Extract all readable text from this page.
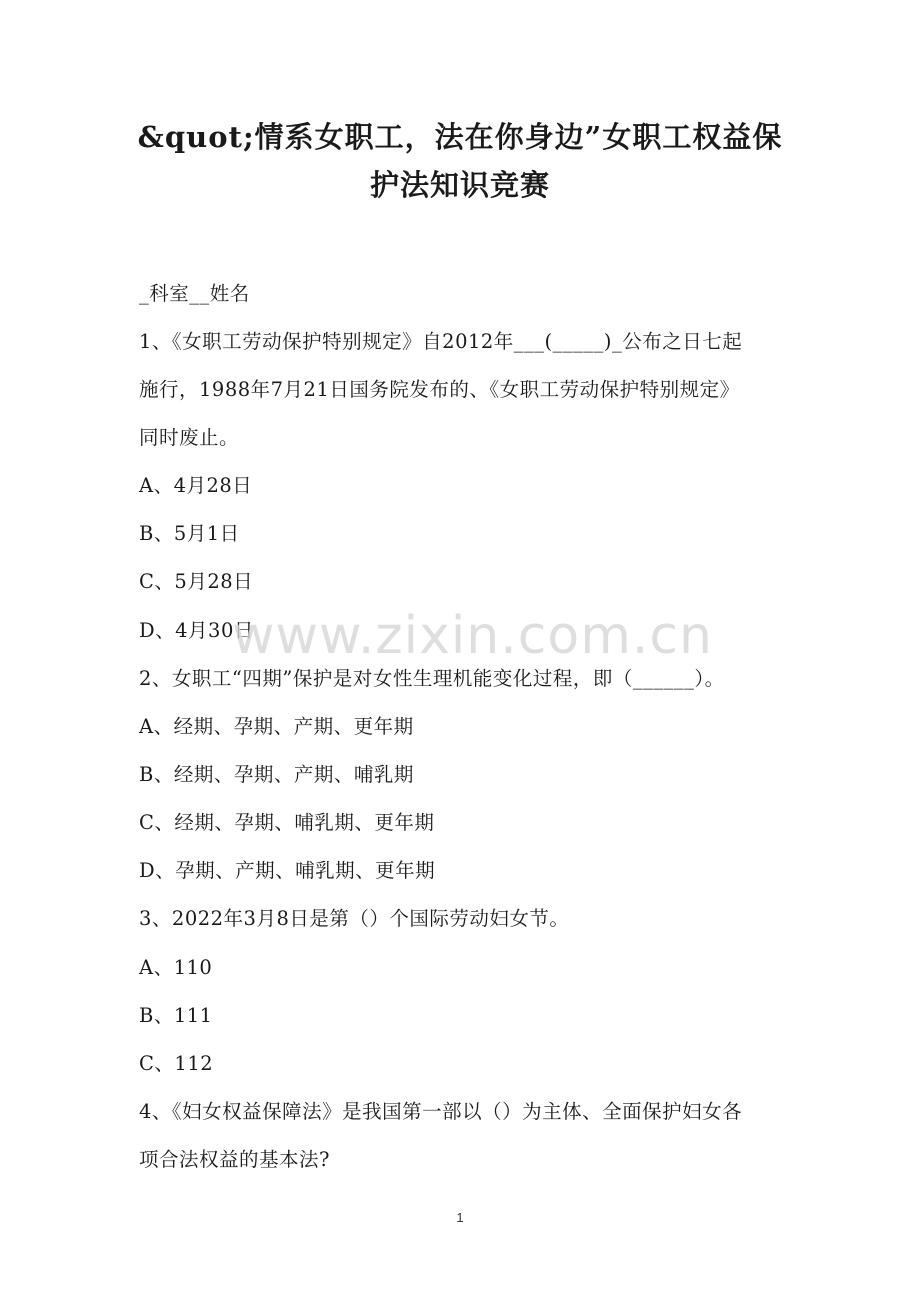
&quot;情系女职工，法在你身边”女职工权益保
护法知识竞赛
_科室__姓名
1、《女职工劳动保护特别规定》自2012年___(_____)_公布之日七起
施行，1988年7月21日国务院发布的、《女职工劳动保护特别规定》
同时废止。
A、4月28日
B、5月1日
C、5月28日
D、4月30日
2、女职工“四期”保护是对女性生理机能变化过程，即（______）。
A、经期、孕期、产期、更年期
B、经期、孕期、产期、哺乳期
C、经期、孕期、哺乳期、更年期
D、孕期、产期、哺乳期、更年期
3、2022年3月8日是第（）个国际劳动妇女节。
A、110
B、111
C、112
4、《妇女权益保障法》是我国第一部以（）为主体、全面保护妇女各
项合法权益的基本法?
www.zixin.com.cn
1
